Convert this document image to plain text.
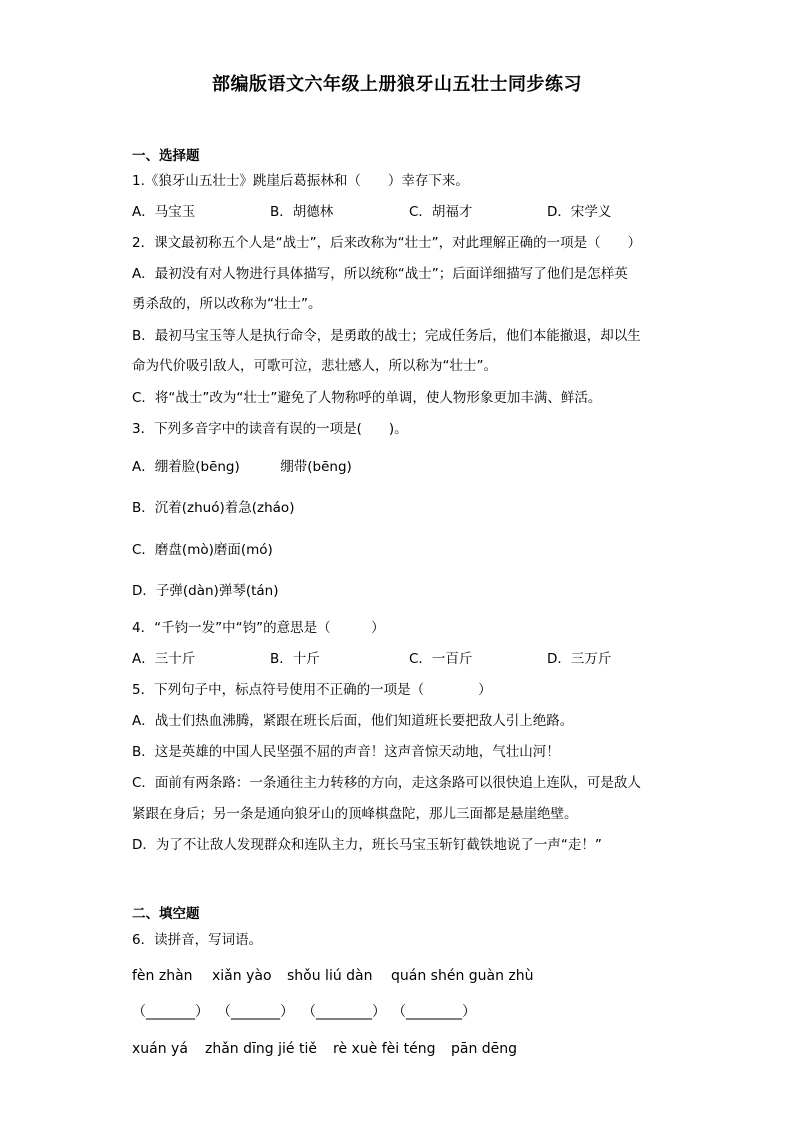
部编版语文六年级上册狼牙山五壮士同步练习
一、选择题
1.《狼牙山五壮士》跳崖后葛振林和（　　）幸存下来。
A．马宝玉	B．胡德林	C．胡福才	D．宋学义
2．课文最初称五个人是“战士”，后来改称为“壮士”，对此理解正确的一项是（　　）
A．最初没有对人物进行具体描写，所以统称“战士”；后面详细描写了他们是怎样英
勇杀敌的，所以改称为“壮士”。
B．最初马宝玉等人是执行命令，是勇敢的战士；完成任务后，他们本能撤退，却以生
命为代价吸引敌人，可歌可泣，悲壮感人，所以称为“壮士”。
C．将“战士”改为“壮士”避免了人物称呼的单调，使人物形象更加丰满、鲜活。
3．下列多音字中的读音有误的一项是(　　)。
A．绷着脸(bēng)　　　绷带(bēng)
B．沉着(zhuó)着急(zháo)
C．磨盘(mò)磨面(mó)
D．子弹(dàn)弹琴(tán)
4．“千钧一发”中“钧”的意思是（　　　）
A．三十斤	B．十斤	C．一百斤	D．三万斤
5．下列句子中，标点符号使用不正确的一项是（　　　　）
A．战士们热血沸腾，紧跟在班长后面，他们知道班长要把敌人引上绝路。
B．这是英雄的中国人民坚强不屈的声音！这声音惊天动地，气壮山河！
C．面前有两条路：一条通往主力转移的方向，走这条路可以很快追上连队，可是敌人
紧跟在身后；另一条是通向狼牙山的顶峰棋盘陀，那儿三面都是悬崖绝壁。
D．为了不让敌人发现群众和连队主力，班长马宝玉斩钉截铁地说了一声“走！”
二、填空题
6．读拼音，写词语。
fèn zhàn xiǎn yào shǒu liú dàn quán shén guàn zhù
（_______） （_______） （________） （________）
xuán yá zhǎn dīng jié tiě rè xuè fèi téng pān dēng
